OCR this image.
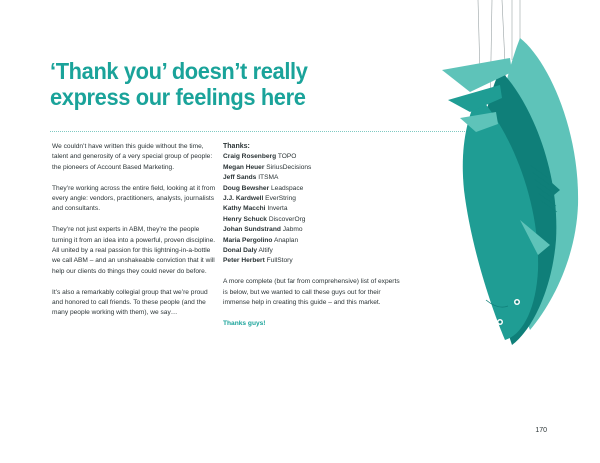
‘Thank you’ doesn’t really
express our feelings here

We couldn’t have written this guide without the time, talent and generosity of a very special group of people: the pioneers of Account Based Marketing.

They’re working across the entire field, looking at it from every angle: vendors, practitioners, analysts, journalists and consultants.

They’re not just experts in ABM, they’re the people turning it from an idea into a powerful, proven discipline. All united by a real passion for this lightning-in-a-bottle we call ABM – and an unshakeable conviction that it will help our clients do things they could never do before.

It’s also a remarkably collegial group that we’re proud and honored to call friends. To these people (and the many people working with them), we say…

Thanks:
Craig Rosenberg TOPO
Megan Heuer SiriusDecisions
Jeff Sands ITSMA
Doug Bewsher Leadspace
J.J. Kardwell EverString
Kathy Macchi Inverta
Henry Schuck DiscoverOrg
Johan Sundstrand Jabmo
Maria Pergolino Anaplan
Donal Daly Altify
Peter Herbert FullStory

A more complete (but far from comprehensive) list of experts is below, but we wanted to call these guys out for their immense help in creating this guide – and this market.

Thanks guys!

170
